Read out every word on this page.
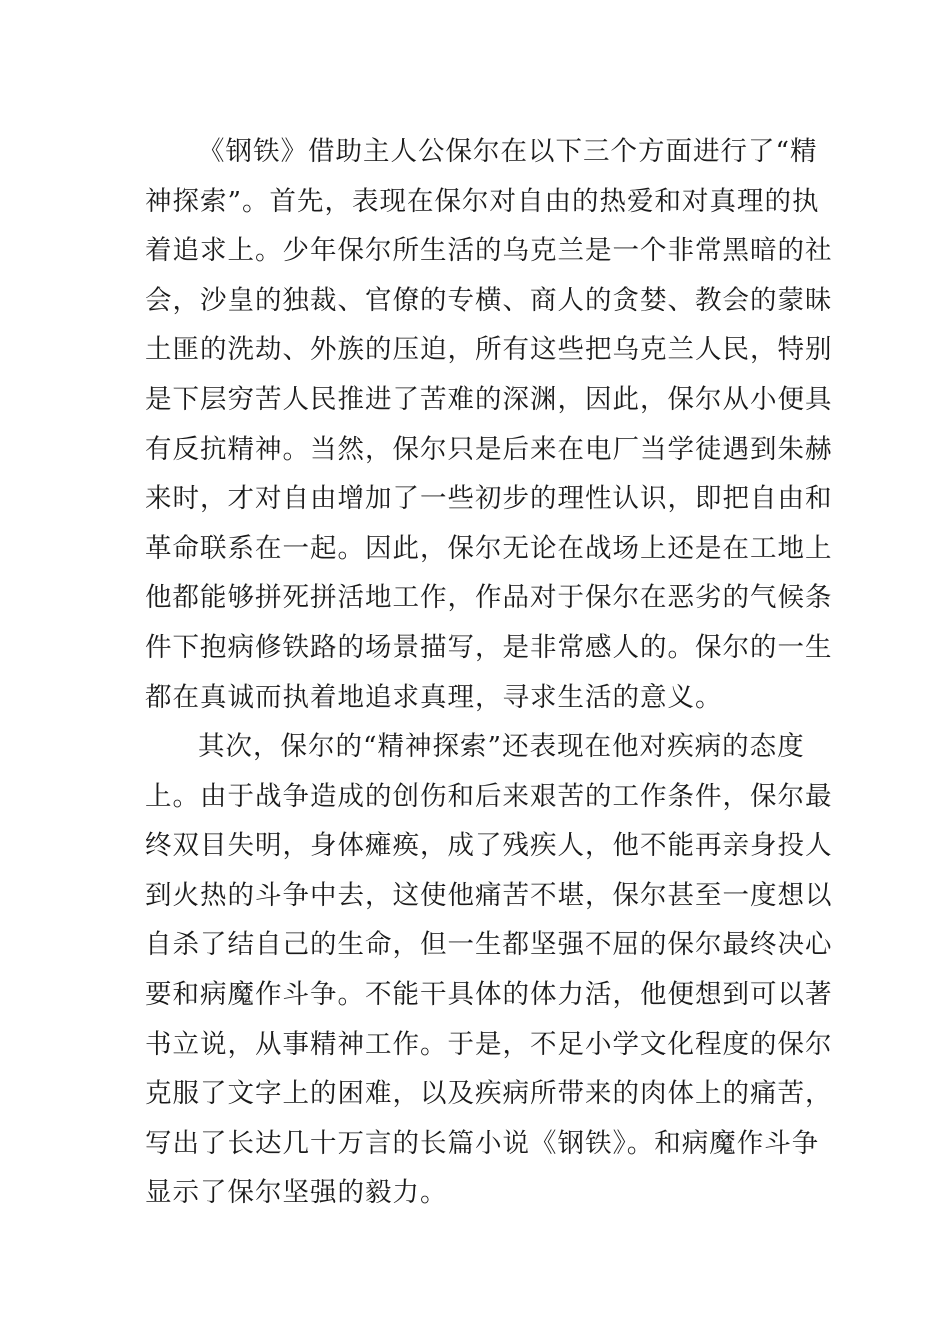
《钢铁》借助主人公保尔在以下三个方面进行了“精
神探索”。首先，表现在保尔对自由的热爱和对真理的执
着追求上。少年保尔所生活的乌克兰是一个非常黑暗的社
会，沙皇的独裁、官僚的专横、商人的贪婪、教会的蒙昧
土匪的洗劫、外族的压迫，所有这些把乌克兰人民，特别
是下层穷苦人民推进了苦难的深渊，因此，保尔从小便具
有反抗精神。当然，保尔只是后来在电厂当学徒遇到朱赫
来时，才对自由增加了一些初步的理性认识，即把自由和
革命联系在一起。因此，保尔无论在战场上还是在工地上
他都能够拼死拼活地工作，作品对于保尔在恶劣的气候条
件下抱病修铁路的场景描写，是非常感人的。保尔的一生
都在真诚而执着地追求真理，寻求生活的意义。
其次，保尔的“精神探索”还表现在他对疾病的态度
上。由于战争造成的创伤和后来艰苦的工作条件，保尔最
终双目失明，身体瘫痪，成了残疾人，他不能再亲身投人
到火热的斗争中去，这使他痛苦不堪，保尔甚至一度想以
自杀了结自己的生命，但一生都坚强不屈的保尔最终决心
要和病魔作斗争。不能干具体的体力活，他便想到可以著
书立说，从事精神工作。于是，不足小学文化程度的保尔
克服了文字上的困难，以及疾病所带来的肉体上的痛苦，
写出了长达几十万言的长篇小说《钢铁》。和病魔作斗争
显示了保尔坚强的毅力。
